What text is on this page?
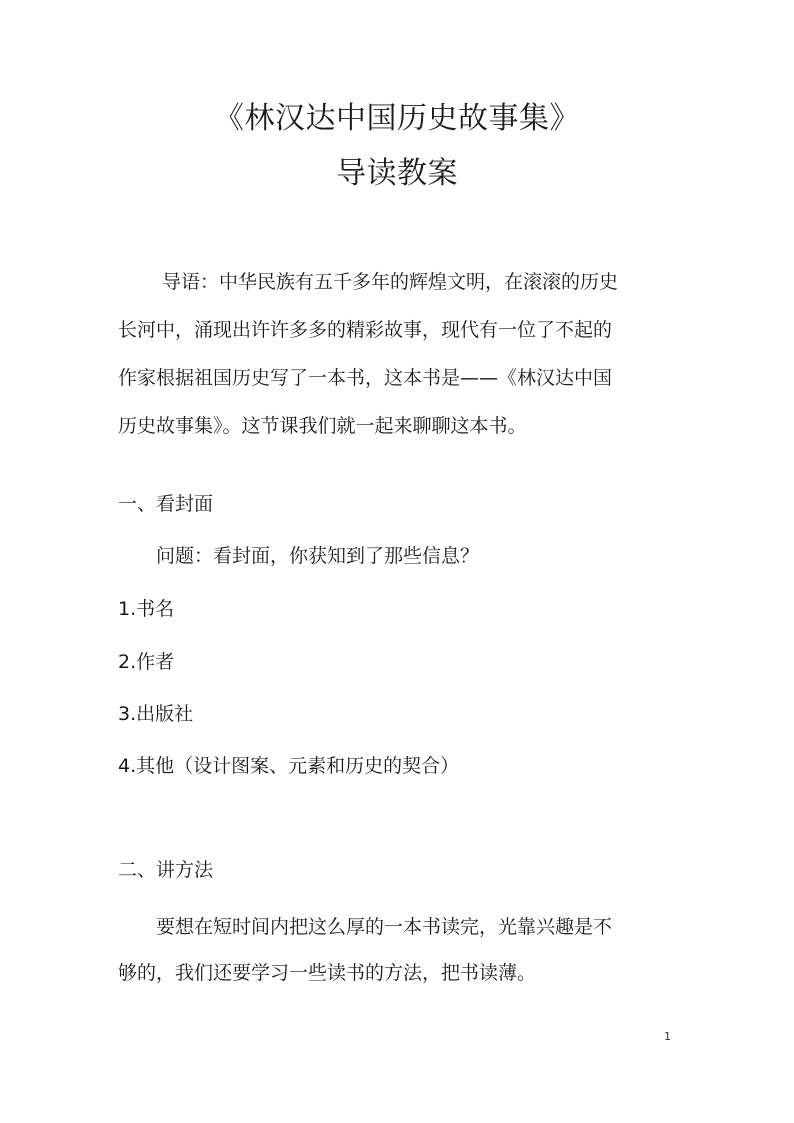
《林汉达中国历史故事集》
导读教案

导语：中华民族有五千多年的辉煌文明，在滚滚的历史
长河中，涌现出许许多多的精彩故事，现代有一位了不起的
作家根据祖国历史写了一本书，这本书是——《林汉达中国
历史故事集》。这节课我们就一起来聊聊这本书。

一、看封面

问题：看封面，你获知到了那些信息？

1.书名

2.作者

3.出版社

4.其他（设计图案、元素和历史的契合）

二、讲方法

要想在短时间内把这么厚的一本书读完，光靠兴趣是不
够的，我们还要学习一些读书的方法，把书读薄。

1
